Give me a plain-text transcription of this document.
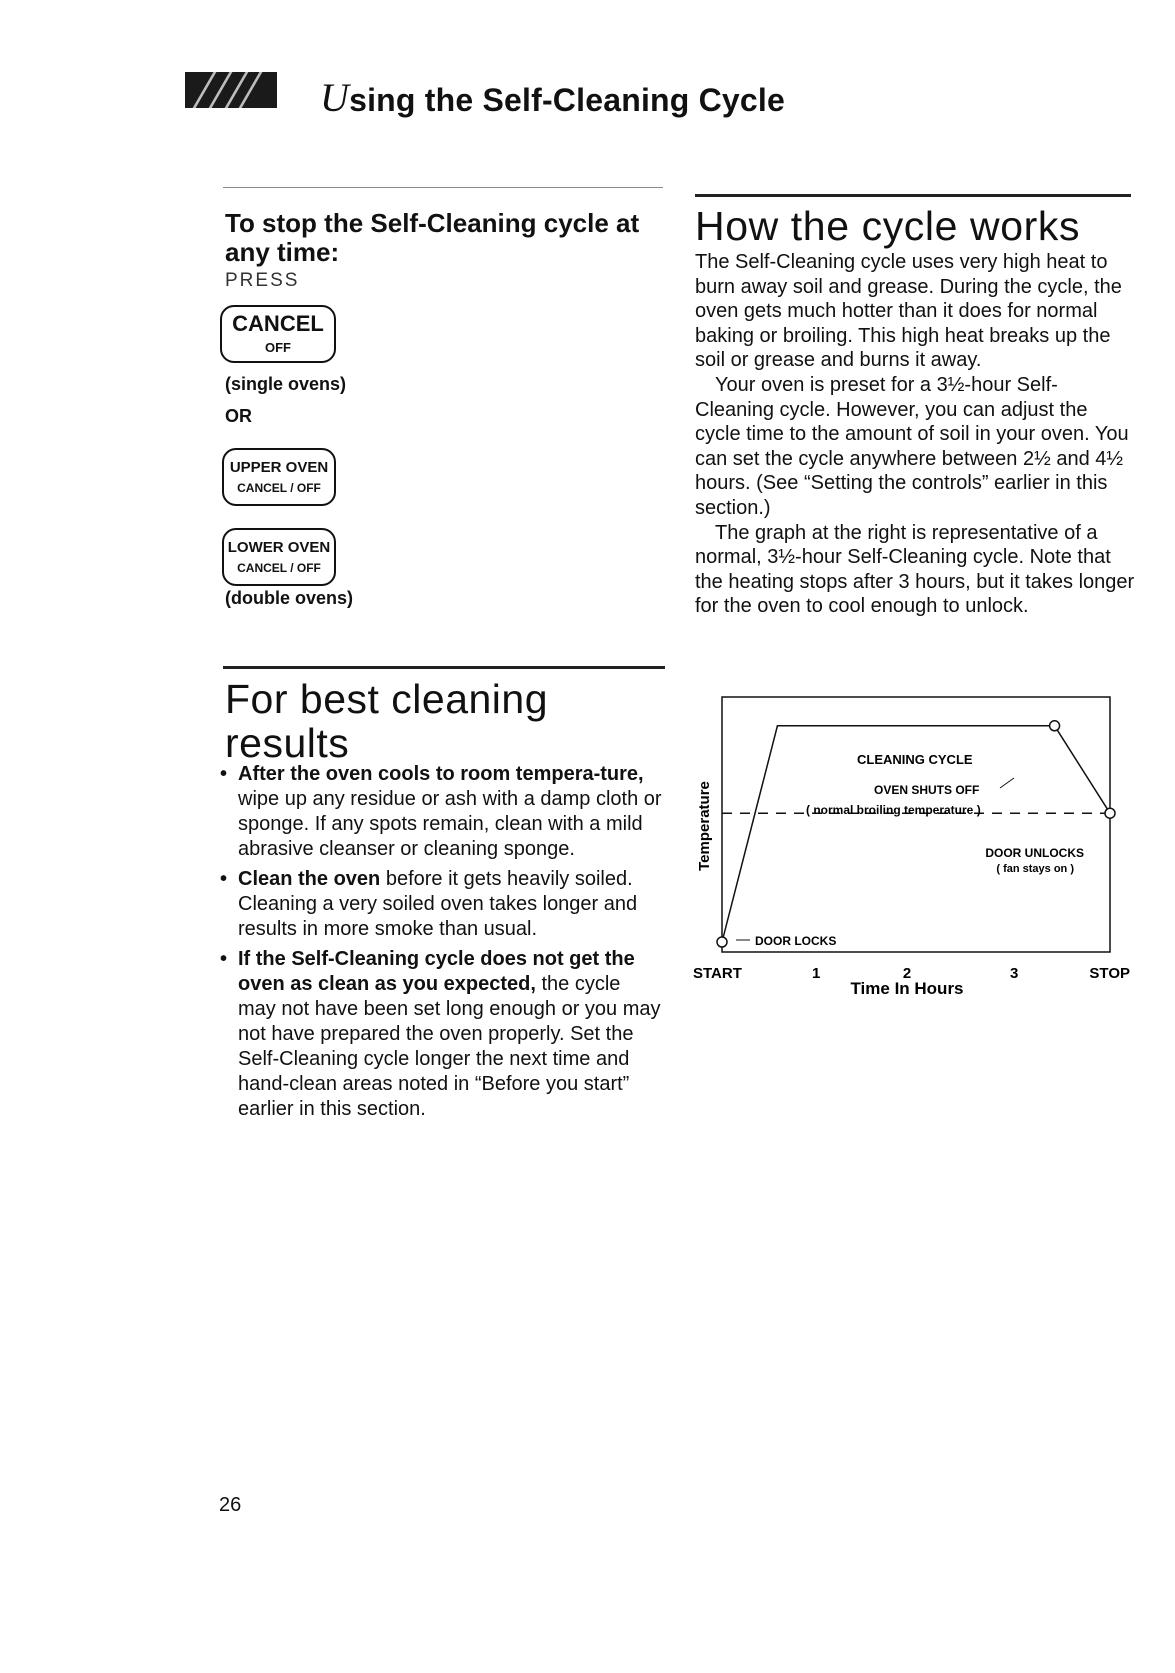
Using the Self-Cleaning Cycle
To stop the Self-Cleaning cycle at any time:
PRESS
CANCEL
OFF
(single ovens)
OR
UPPER OVEN
CANCEL / OFF
LOWER OVEN
CANCEL / OFF
(double ovens)
For best cleaning
results
• After the oven cools to room tempera-ture, wipe up any residue or ash with a damp cloth or sponge. If any spots remain, clean with a mild abrasive cleanser or cleaning sponge.
• Clean the oven before it gets heavily soiled. Cleaning a very soiled oven takes longer and results in more smoke than usual.
• If the Self-Cleaning cycle does not get the oven as clean as you expected, the cycle may not have been set long enough or you may not have prepared the oven properly. Set the Self-Cleaning cycle longer the next time and hand-clean areas noted in “Before you start” earlier in this section.
How the cycle works

The Self-Cleaning cycle uses very high heat to burn away soil and grease. During the cycle, the oven gets much hotter than it does for normal baking or broiling. This high heat breaks up the soil or grease and burns it away.

Your oven is preset for a 3½-hour Self-Cleaning cycle. However, you can adjust the cycle time to the amount of soil in your oven. You can set the cycle anywhere between 2½ and 4½ hours. (See “Setting the controls” earlier in this section.)

The graph at the right is representative of a normal, 3½-hour Self-Cleaning cycle. Note that the heating stops after 3 hours, but it takes longer for the oven to cool enough to unlock.

CLEANING CYCLE
OVEN SHUTS OFF
( normal broiling temperature )
DOOR UNLOCKS
( fan stays on )
DOOR LOCKS
Temperature
START	1	2	3	STOP
Time In Hours
26
